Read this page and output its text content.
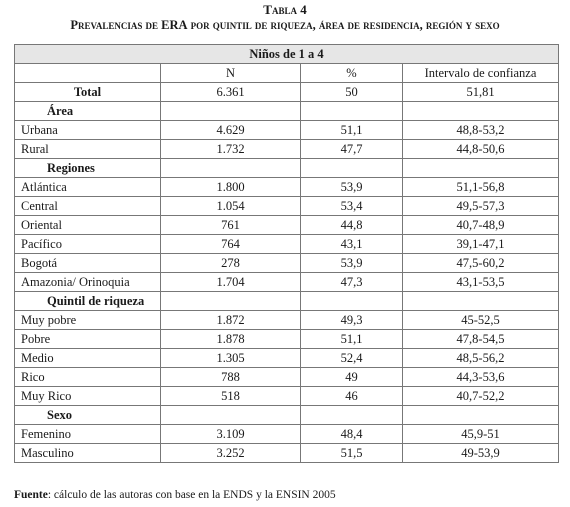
Tabla 4
Prevalencias de ERA por quintil de riqueza, área de residencia, región y sexo
Niños de 1 a 4			
	N	%	Intervalo de confianza
Total	6.361	50	51,81
Área			
Urbana	4.629	51,1	48,8-53,2
Rural	1.732	47,7	44,8-50,6
Regiones			
Atlántica	1.800	53,9	51,1-56,8
Central	1.054	53,4	49,5-57,3
Oriental	761	44,8	40,7-48,9
Pacífico	764	43,1	39,1-47,1
Bogotá	278	53,9	47,5-60,2
Amazonia/ Orinoquia	1.704	47,3	43,1-53,5
Quintil de riqueza			
Muy pobre	1.872	49,3	45-52,5
Pobre	1.878	51,1	47,8-54,5
Medio	1.305	52,4	48,5-56,2
Rico	788	49	44,3-53,6
Muy Rico	518	46	40,7-52,2
Sexo			
Femenino	3.109	48,4	45,9-51
Masculino	3.252	51,5	49-53,9
Fuente: cálculo de las autoras con base en la ENDS y la ENSIN 2005
